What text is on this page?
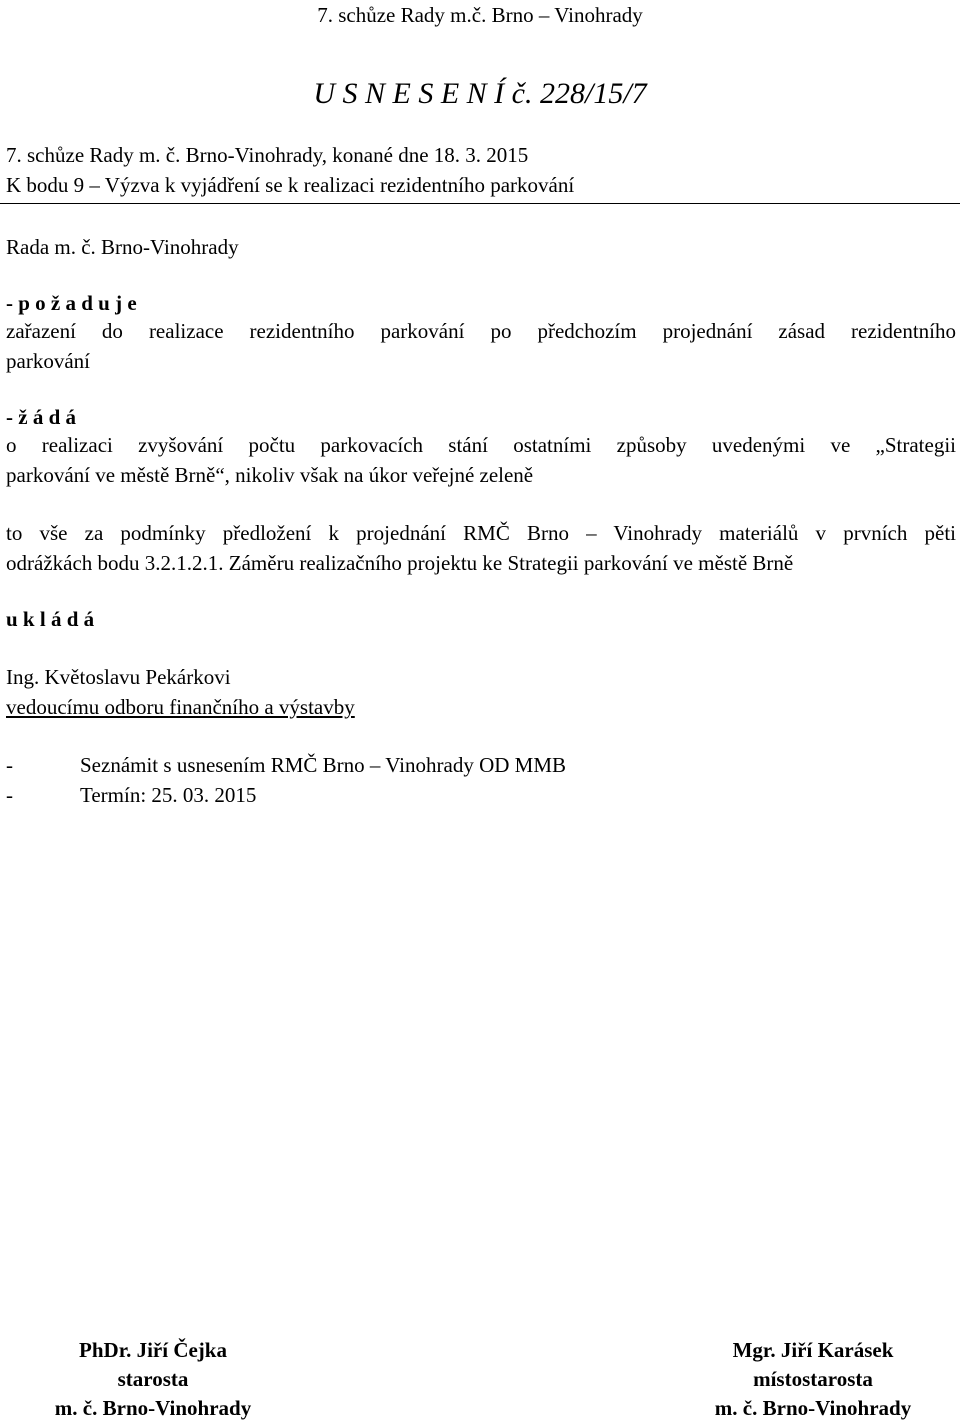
7. schůze Rady m.č. Brno – Vinohrady
U S N E S E N Í č. 228/15/7
7. schůze Rady m. č. Brno-Vinohrady, konané dne 18. 3. 2015
K bodu 9 – Výzva k vyjádření se k realizaci rezidentního parkování
Rada m. č. Brno-Vinohrady
- p o ž a d u j e
zařazení do realizace rezidentního parkování po předchozím projednání zásad rezidentního
parkování
- ž á d á
o realizaci zvyšování počtu parkovacích stání ostatními způsoby uvedenými ve „Strategii
parkování ve městě Brně“, nikoliv však na úkor veřejné zeleně
to vše za podmínky předložení k projednání RMČ Brno – Vinohrady materiálů v prvních pěti
odrážkách bodu 3.2.1.2.1. Záměru realizačního projektu ke Strategii parkování ve městě Brně
u k l á d á
Ing. Květoslavu Pekárkovi
vedoucímu odboru finančního a výstavby
-	Seznámit s usnesením RMČ Brno – Vinohrady OD MMB
-	Termín: 25. 03. 2015
PhDr. Jiří Čejka
starosta
m. č. Brno-Vinohrady
Mgr. Jiří Karásek
místostarosta
m. č. Brno-Vinohrady
